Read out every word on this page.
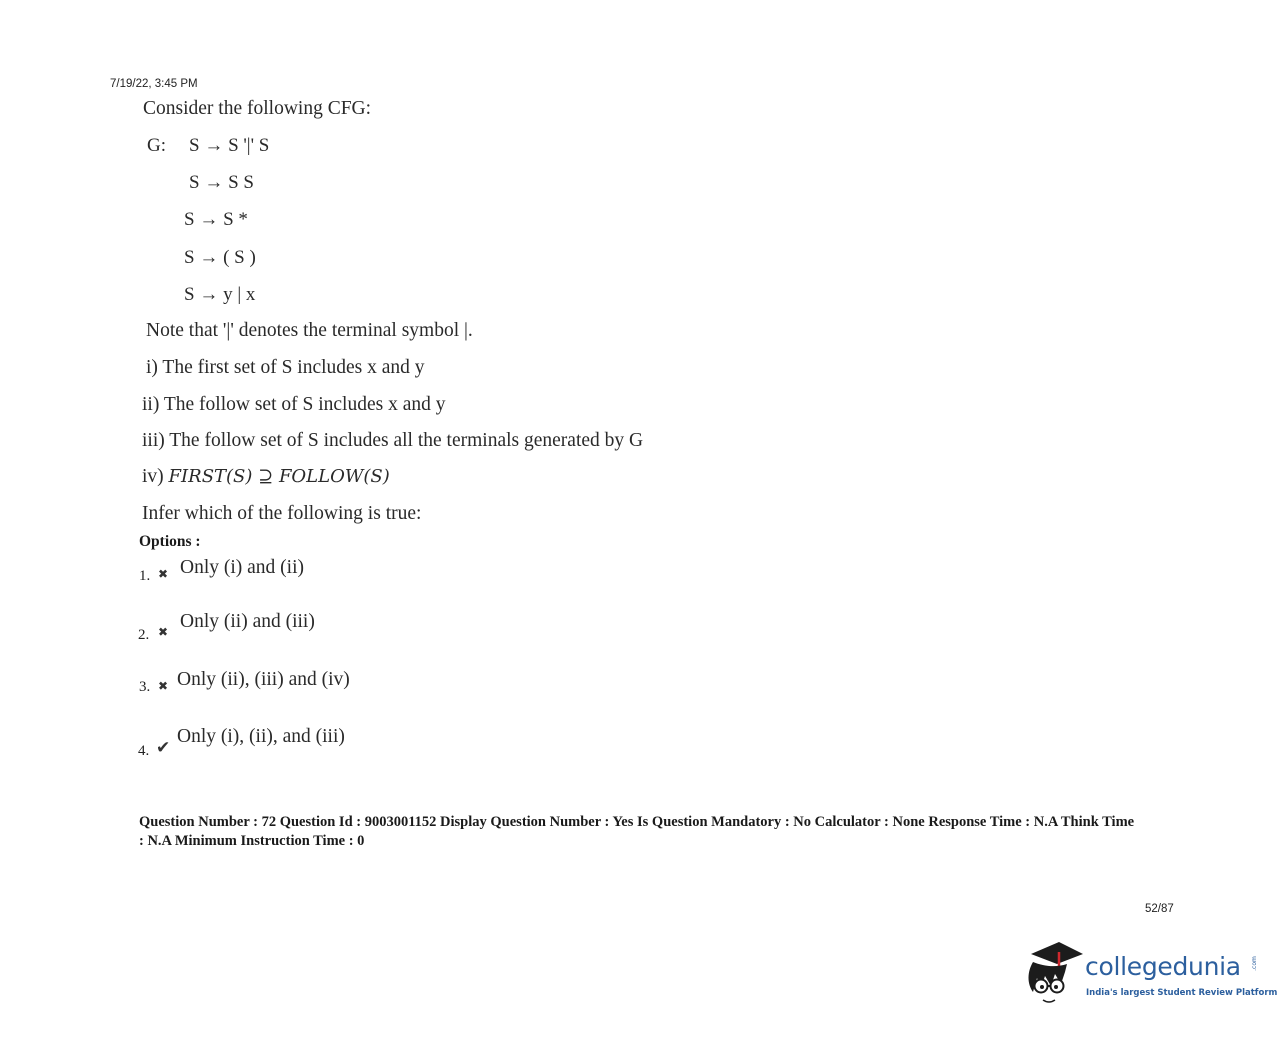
7/19/22, 3:45 PM
Consider the following CFG:
G: S → S '|' S
S → S S
S → S *
S → ( S )
S → y | x
Note that '|' denotes the terminal symbol |.
i) The first set of S includes x and y
ii) The follow set of S includes x and y
iii) The follow set of S includes all the terminals generated by G
iv) FIRST(S) ⊇ FOLLOW(S)
Infer which of the following is true:
Options :
1. ✖ Only (i) and (ii)
2. ✖ Only (ii) and (iii)
3. ✖ Only (ii), (iii) and (iv)
4. ✔
Only (i), (ii), and (iii)
Question Number : 72 Question Id : 9003001152 Display Question Number : Yes Is Question Mandatory : No Calculator : None Response Time : N.A Think Time : N.A Minimum Instruction Time : 0
52/87
collegedunia .com
India's largest Student Review Platform
